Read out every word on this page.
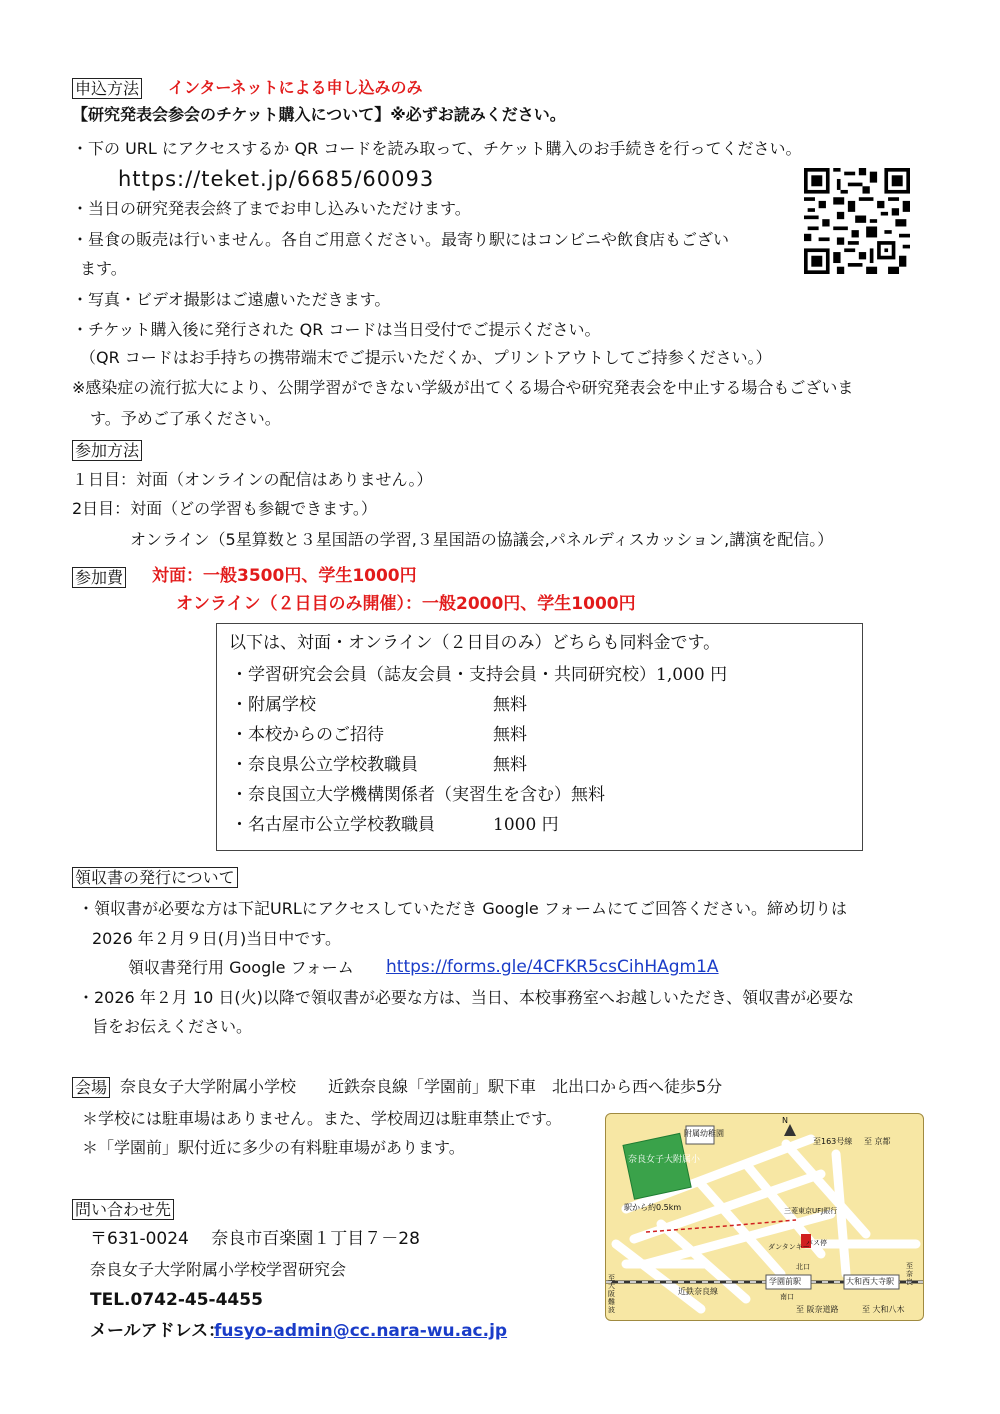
申込方法 インターネットによる申し込みのみ
【研究発表会参会のチケット購入について】※必ずお読みください。
・下の URL にアクセスするか QR コードを読み取って、チケット購入のお手続きを行ってください。
https://teket.jp/6685/60093
・当日の研究発表会終了までお申し込みいただけます。
・昼食の販売は行いません。各自ご用意ください。最寄り駅にはコンビニや飲食店もござい
ます。
・写真・ビデオ撮影はご遠慮いただきます。
・チケット購入後に発行された QR コードは当日受付でご提示ください。
（QR コードはお手持ちの携帯端末でご提示いただくか、プリントアウトしてご持参ください。）
※感染症の流行拡大により、公開学習ができない学級が出てくる場合や研究発表会を中止する場合もございま
す。予めご了承ください。
参加方法
１日目：対面（オンラインの配信はありません。）
2日目：対面（どの学習も参観できます。）
オンライン（5星算数と３星国語の学習,３星国語の協議会,パネルディスカッション,講演を配信。）
参加費 対面：一般3500円、学生1000円
オンライン（２日目のみ開催）：一般2000円、学生1000円
以下は、対面・オンライン（２日目のみ）どちらも同料金です。
・学習研究会会員（誌友会員・支持会員・共同研究校）1,000 円
・附属学校	無料
・本校からのご招待	無料
・奈良県公立学校教職員	無料
・奈良国立大学機構関係者（実習生を含む）無料
・名古屋市公立学校教職員	1000 円
領収書の発行について
・領収書が必要な方は下記URLにアクセスしていただき Google フォームにてご回答ください。締め切りは
2026 年２月９日(月)当日中です。
領収書発行用 Google フォーム https://forms.gle/4CFKR5csCihHAgm1A
・2026 年２月 10 日(火)以降で領収書が必要な方は、当日、本校事務室へお越しいただき、領収書が必要な
旨をお伝えください。
会場 奈良女子大学附属小学校　　近鉄奈良線「学園前」駅下車　北出口から西へ徒歩5分
＊学校には駐車場はありません。また、学校周辺は駐車禁止です。
＊「学園前」駅付近に多少の有料駐車場があります。
奈良女子大附属小
附属幼稚園
駅から約0.5km
至163号線 至 京都
N
三菱東京UFJ銀行
ダンタンキー
バス停
北口
学園前駅	大和西大寺駅
南口
近鉄奈良線
至 阪奈道路
至大阪難波
至奈良
至 大和八木
問い合わせ先
〒631-0024　 奈良市百楽園１丁目７－28
奈良女子大学附属小学校学習研究会
TEL.0742-45-4455
メールアドレス：
fusyo-admin@cc.nara-wu.ac.jp
